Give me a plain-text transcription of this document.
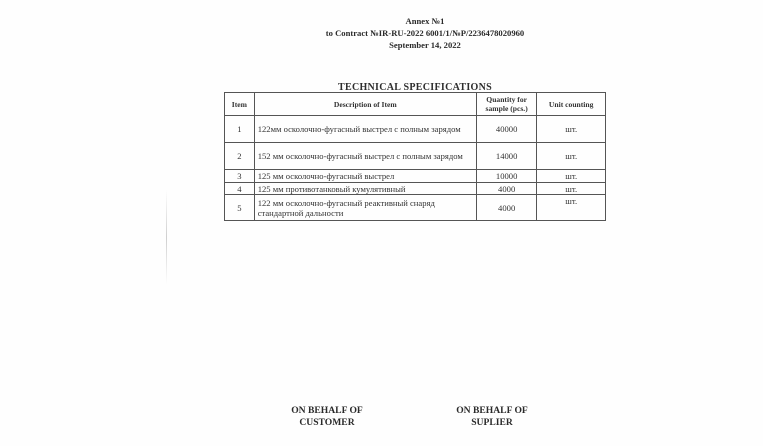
Annex №1
to Contract №IR-RU-2022 6001/1/№P/2236478020960
September 14, 2022
TECHNICAL SPECIFICATIONS
Item	Description of Item	Quantity for sample (pcs.)	Unit counting
1	122мм осколочно-фугасный выстрел с полным зарядом	40000	шт.
2	152 мм осколочно-фугасный выстрел с полным зарядом	14000	шт.
3	125 мм осколочно-фугасный выстрел	10000	шт.
4	125 мм противотанковый кумулятивный	4000	шт.
5	122 мм осколочно-фугасный реактивный снаряд стандартной дальности	4000	шт.
ON BEHALF OF
CUSTOMER
ON BEHALF OF
SUPLIER
